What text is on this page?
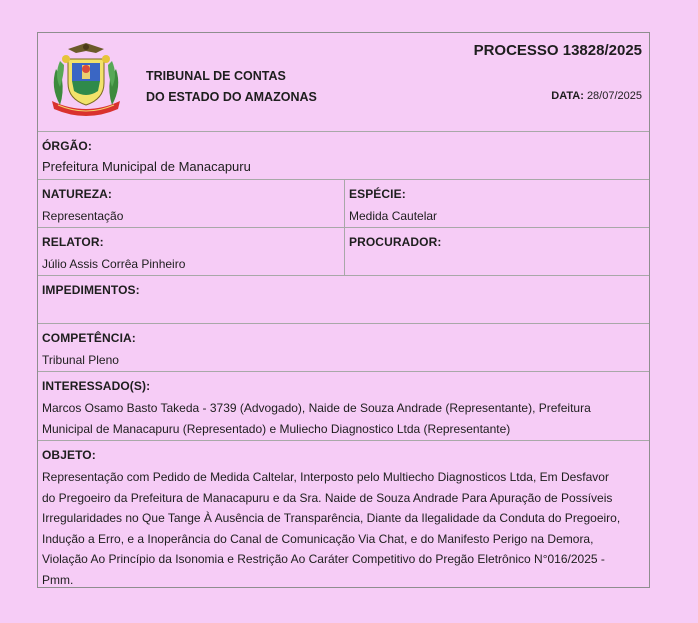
TRIBUNAL DE CONTAS
DO ESTADO DO AMAZONAS
PROCESSO 13828/2025
DATA: 28/07/2025
ÓRGÃO:
Prefeitura Municipal de Manacapuru
NATUREZA:
Representação
ESPÉCIE:
Medida Cautelar
RELATOR:
Júlio Assis Corrêa Pinheiro
PROCURADOR:
IMPEDIMENTOS:
COMPETÊNCIA:
Tribunal Pleno
INTERESSADO(S):
Marcos Osamo Basto Takeda - 3739 (Advogado), Naide de Souza Andrade (Representante), Prefeitura
Municipal de Manacapuru (Representado) e Muliecho Diagnostico Ltda (Representante)
OBJETO:
Representação com Pedido de Medida Caltelar, Interposto pelo Multiecho Diagnosticos Ltda, Em Desfavor
do Pregoeiro da Prefeitura de Manacapuru e da Sra. Naide de Souza Andrade Para Apuração de Possíveis
Irregularidades no Que Tange À Ausência de Transparência, Diante da Ilegalidade da Conduta do Pregoeiro,
Indução a Erro, e a Inoperância do Canal de Comunicação Via Chat, e do Manifesto Perigo na Demora,
Violação Ao Princípio da Isonomia e Restrição Ao Caráter Competitivo do Pregão Eletrônico N°016/2025 -
Pmm.
